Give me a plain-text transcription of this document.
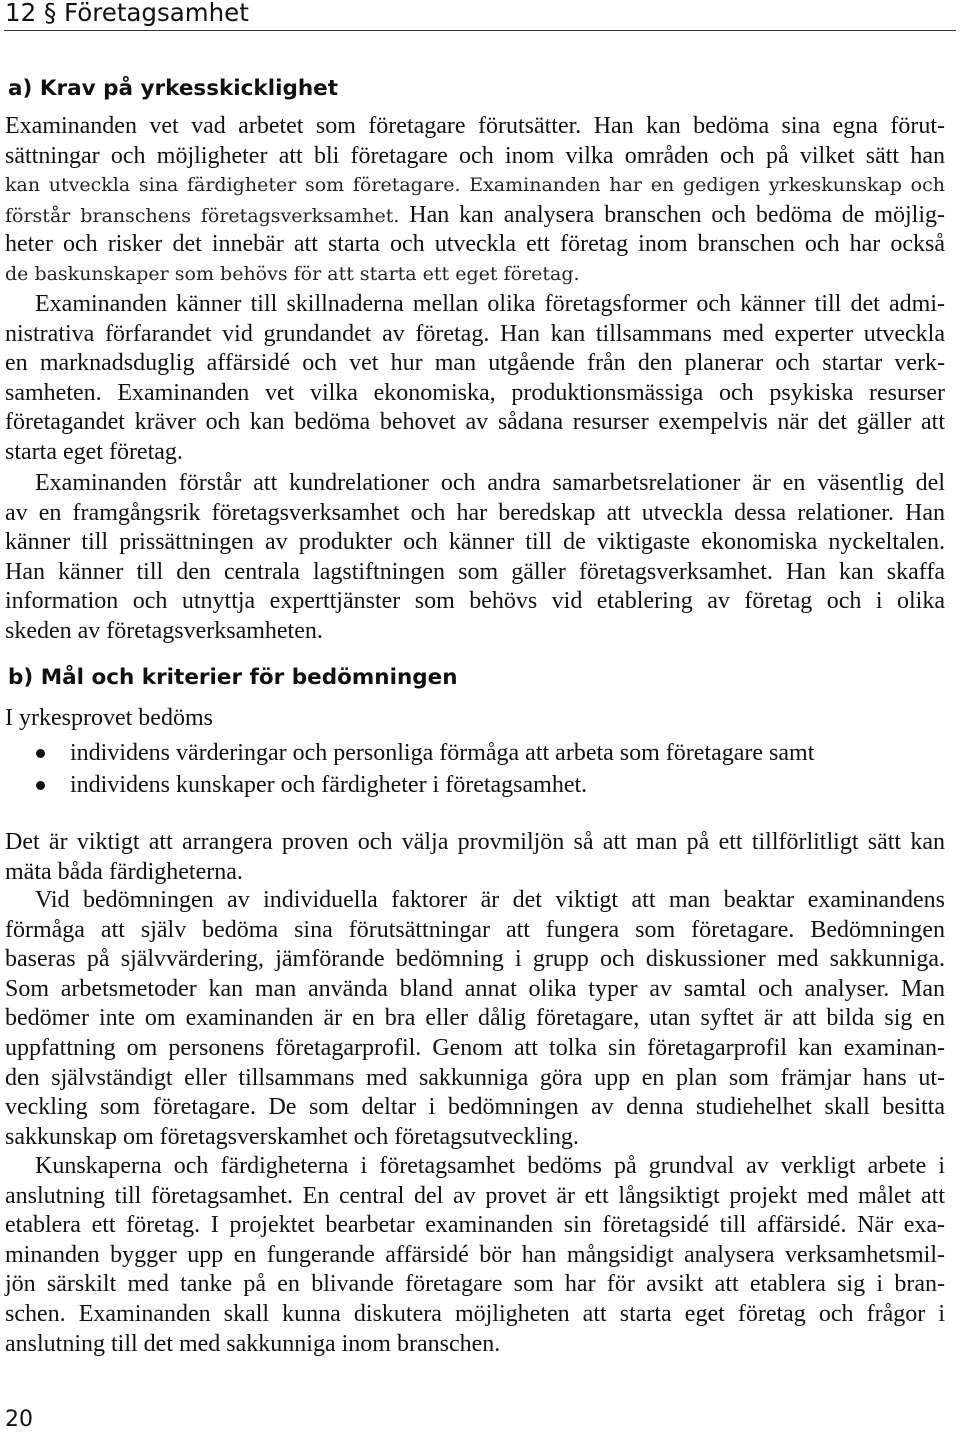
12 § Företagsamhet
a) Krav på yrkesskicklighet
Examinanden vet vad arbetet som företagare förutsätter. Han kan bedöma sina egna förut-
sättningar och möjligheter att bli företagare och inom vilka områden och på vilket sätt han
kan utveckla sina färdigheter som företagare. Examinanden har en gedigen yrkeskunskap och
förstår branschens företagsverksamhet. Han kan analysera branschen och bedöma de möjlig-
heter och risker det innebär att starta och utveckla ett företag inom branschen och har också
de baskunskaper som behövs för att starta ett eget företag.
Examinanden känner till skillnaderna mellan olika företagsformer och känner till det admi-
nistrativa förfarandet vid grundandet av företag. Han kan tillsammans med experter utveckla
en marknadsduglig affärsidé och vet hur man utgående från den planerar och startar verk-
samheten. Examinanden vet vilka ekonomiska, produktionsmässiga och psykiska resurser
företagandet kräver och kan bedöma behovet av sådana resurser exempelvis när det gäller att
starta eget företag.
Examinanden förstår att kundrelationer och andra samarbetsrelationer är en väsentlig del
av en framgångsrik företagsverksamhet och har beredskap att utveckla dessa relationer. Han
känner till prissättningen av produkter och känner till de viktigaste ekonomiska nyckeltalen.
Han känner till den centrala lagstiftningen som gäller företagsverksamhet. Han kan skaffa
information och utnyttja experttjänster som behövs vid etablering av företag och i olika
skeden av företagsverksamheten.
b) Mål och kriterier för bedömningen
I yrkesprovet bedöms
individens värderingar och personliga förmåga att arbeta som företagare samt
individens kunskaper och färdigheter i företagsamhet.
Det är viktigt att arrangera proven och välja provmiljön så att man på ett tillförlitligt sätt kan
mäta båda färdigheterna.
Vid bedömningen av individuella faktorer är det viktigt att man beaktar examinandens
förmåga att själv bedöma sina förutsättningar att fungera som företagare. Bedömningen
baseras på självvärdering, jämförande bedömning i grupp och diskussioner med sakkunniga.
Som arbetsmetoder kan man använda bland annat olika typer av samtal och analyser. Man
bedömer inte om examinanden är en bra eller dålig företagare, utan syftet är att bilda sig en
uppfattning om personens företagarprofil. Genom att tolka sin företagarprofil kan examinan-
den självständigt eller tillsammans med sakkunniga göra upp en plan som främjar hans ut-
veckling som företagare. De som deltar i bedömningen av denna studiehelhet skall besitta
sakkunskap om företagsverskamhet och företagsutveckling.
Kunskaperna och färdigheterna i företagsamhet bedöms på grundval av verkligt arbete i
anslutning till företagsamhet. En central del av provet är ett långsiktigt projekt med målet att
etablera ett företag. I projektet bearbetar examinanden sin företagsidé till affärsidé. När exa-
minanden bygger upp en fungerande affärsidé bör han mångsidigt analysera verksamhetsmil-
jön särskilt med tanke på en blivande företagare som har för avsikt att etablera sig i bran-
schen. Examinanden skall kunna diskutera möjligheten att starta eget företag och frågor i
anslutning till det med sakkunniga inom branschen.
20
